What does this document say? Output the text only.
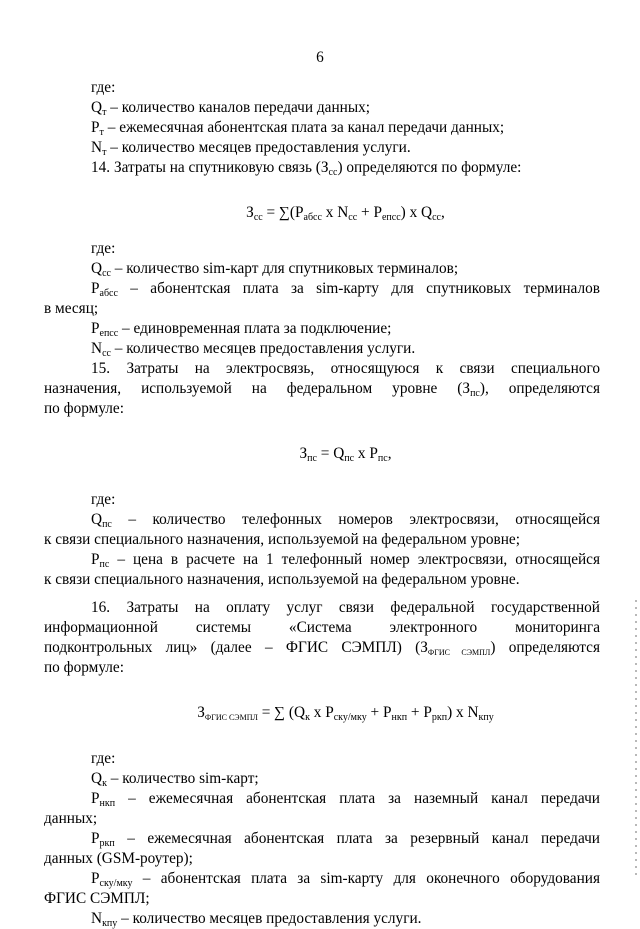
6
где:
$Q_т$ – количество каналов передачи данных;
$P_т$ – ежемесячная абонентская плата за канал передачи данных;
$N_т$ – количество месяцев предоставления услуги.
14. Затраты на спутниковую связь $(З_{сс})$ определяются по формуле:
$З_{сс} = \sum(P_{абсс}$ x $N_{сс} + P_{епсс}$) x $Q_{сс}$,
где:
$Q_{сс}$ – количество sim-карт для спутниковых терминалов;
$P_{абсс}$ – абонентская плата за sim-карту для спутниковых терминалов
в месяц;
$P_{епсс}$ – единовременная плата за подключение;
$N_{сс}$ – количество месяцев предоставления услуги.
15. Затраты на электросвязь, относящуюся к связи специального
назначения, используемой на федеральном уровне $(З_{пс})$, определяются
по формуле:
$З_{пс} = Q_{пс}$ x $P_{пс}$,
где:
$Q_{пс}$ – количество телефонных номеров электросвязи, относящейся
к связи специального назначения, используемой на федеральном уровне;
$P_{пс}$ – цена в расчете на 1 телефонный номер электросвязи, относящейся
к связи специального назначения, используемой на федеральном уровне.
16. Затраты на оплату услуг связи федеральной государственной
информационной системы «Система электронного мониторинга
подконтрольных лиц» (далее – ФГИС СЭМПЛ) $(З_{ФГИС СЭМПЛ})$ определяются
по формуле:
$З_{ФГИС СЭМПЛ}$ = ∑ ($Q_к$ x $P_{ску/мку} + P_{нкп} + P_{ркп}$) x $N_{кпу}$
где:
$Q_к$ – количество sim-карт;
$P_{нкп}$ – ежемесячная абонентская плата за наземный канал передачи
данных;
$P_{ркп}$ – ежемесячная абонентская плата за резервный канал передачи
данных (GSM-роутер);
$P_{ску/мку}$ – абонентская плата за sim-карту для оконечного оборудования
ФГИС СЭМПЛ;
$N_{кпу}$ – количество месяцев предоставления услуги.
